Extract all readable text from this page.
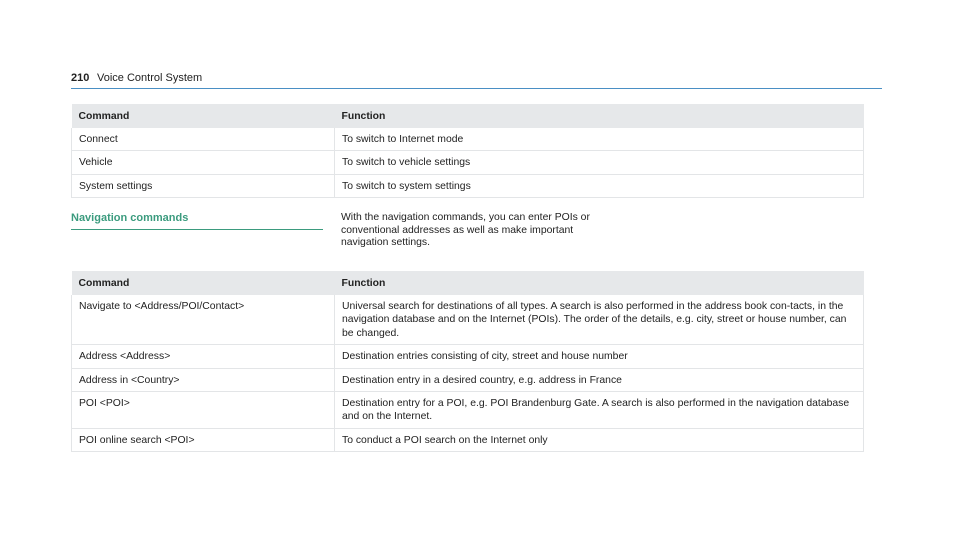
210 Voice Control System
Command	Function
Connect	To switch to Internet mode
Vehicle	To switch to vehicle settings
System settings	To switch to system settings
Navigation commands	With the navigation commands, you can enter POIs or conventional addresses as well as make important navigation settings.
Command	Function
Navigate to <Address/POI/Contact>	Universal search for destinations of all types. A search is also performed in the address book con-tacts, in the navigation database and on the Internet (POIs). The order of the details, e.g. city, street or house number, can be changed.
Address <Address>	Destination entries consisting of city, street and house number
Address in <Country>	Destination entry in a desired country, e.g. address in France
POI <POI>	Destination entry for a POI, e.g. POI Brandenburg Gate. A search is also performed in the navigation database and on the Internet.
POI online search <POI>	To conduct a POI search on the Internet only
